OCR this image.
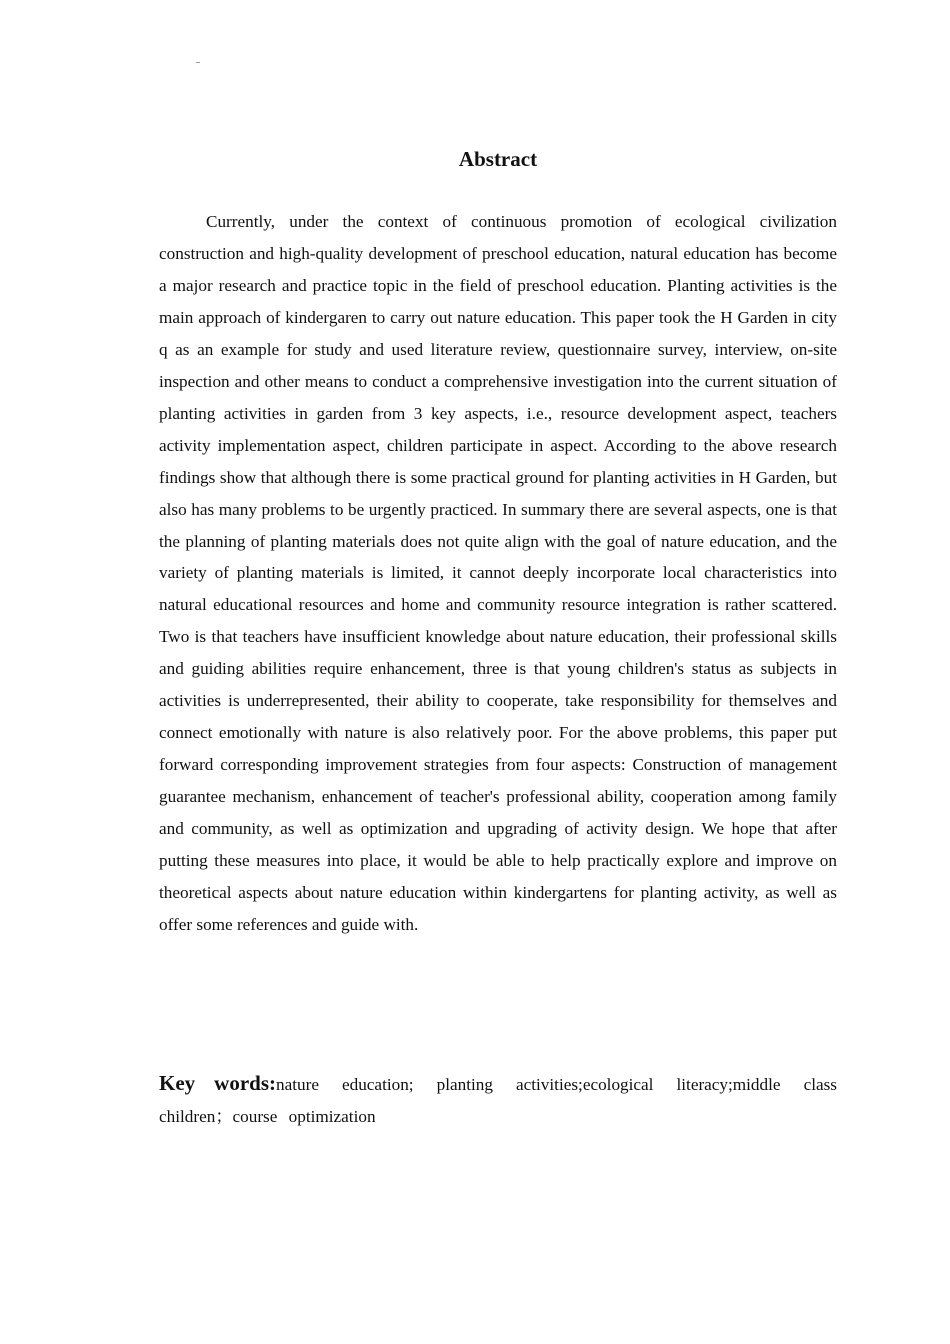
Abstract

Currently, under the context of continuous promotion of ecological civilization construction and high-quality development of preschool education, natural education has become a major research and practice topic in the field of preschool education. Planting activities is the main approach of kindergaren to carry out nature education. This paper took the H Garden in city q as an example for study and used literature review, questionnaire survey, interview, on-site inspection and other means to conduct a comprehensive investigation into the current situation of planting activities in garden from 3 key aspects, i.e., resource development aspect, teachers activity implementation aspect, children participate in aspect. According to the above research findings show that although there is some practical ground for planting activities in H Garden, but also has many problems to be urgently practiced. In summary there are several aspects, one is that the planning of planting materials does not quite align with the goal of nature education, and the variety of planting materials is limited, it cannot deeply incorporate local characteristics into natural educational resources and home and community resource integration is rather scattered. Two is that teachers have insufficient knowledge about nature education, their professional skills and guiding abilities require enhancement, three is that young children's status as subjects in activities is underrepresented, their ability to cooperate, take responsibility for themselves and connect emotionally with nature is also relatively poor. For the above problems, this paper put forward corresponding improvement strategies from four aspects: Construction of management guarantee mechanism, enhancement of teacher's professional ability, cooperation among family and community, as well as optimization and upgrading of activity design. We hope that after putting these measures into place, it would be able to help practically explore and improve on theoretical aspects about nature education within kindergartens for planting activity, as well as offer some references and guide with.

Key words:nature education; planting activities;ecological literacy;middle class children；course optimization
